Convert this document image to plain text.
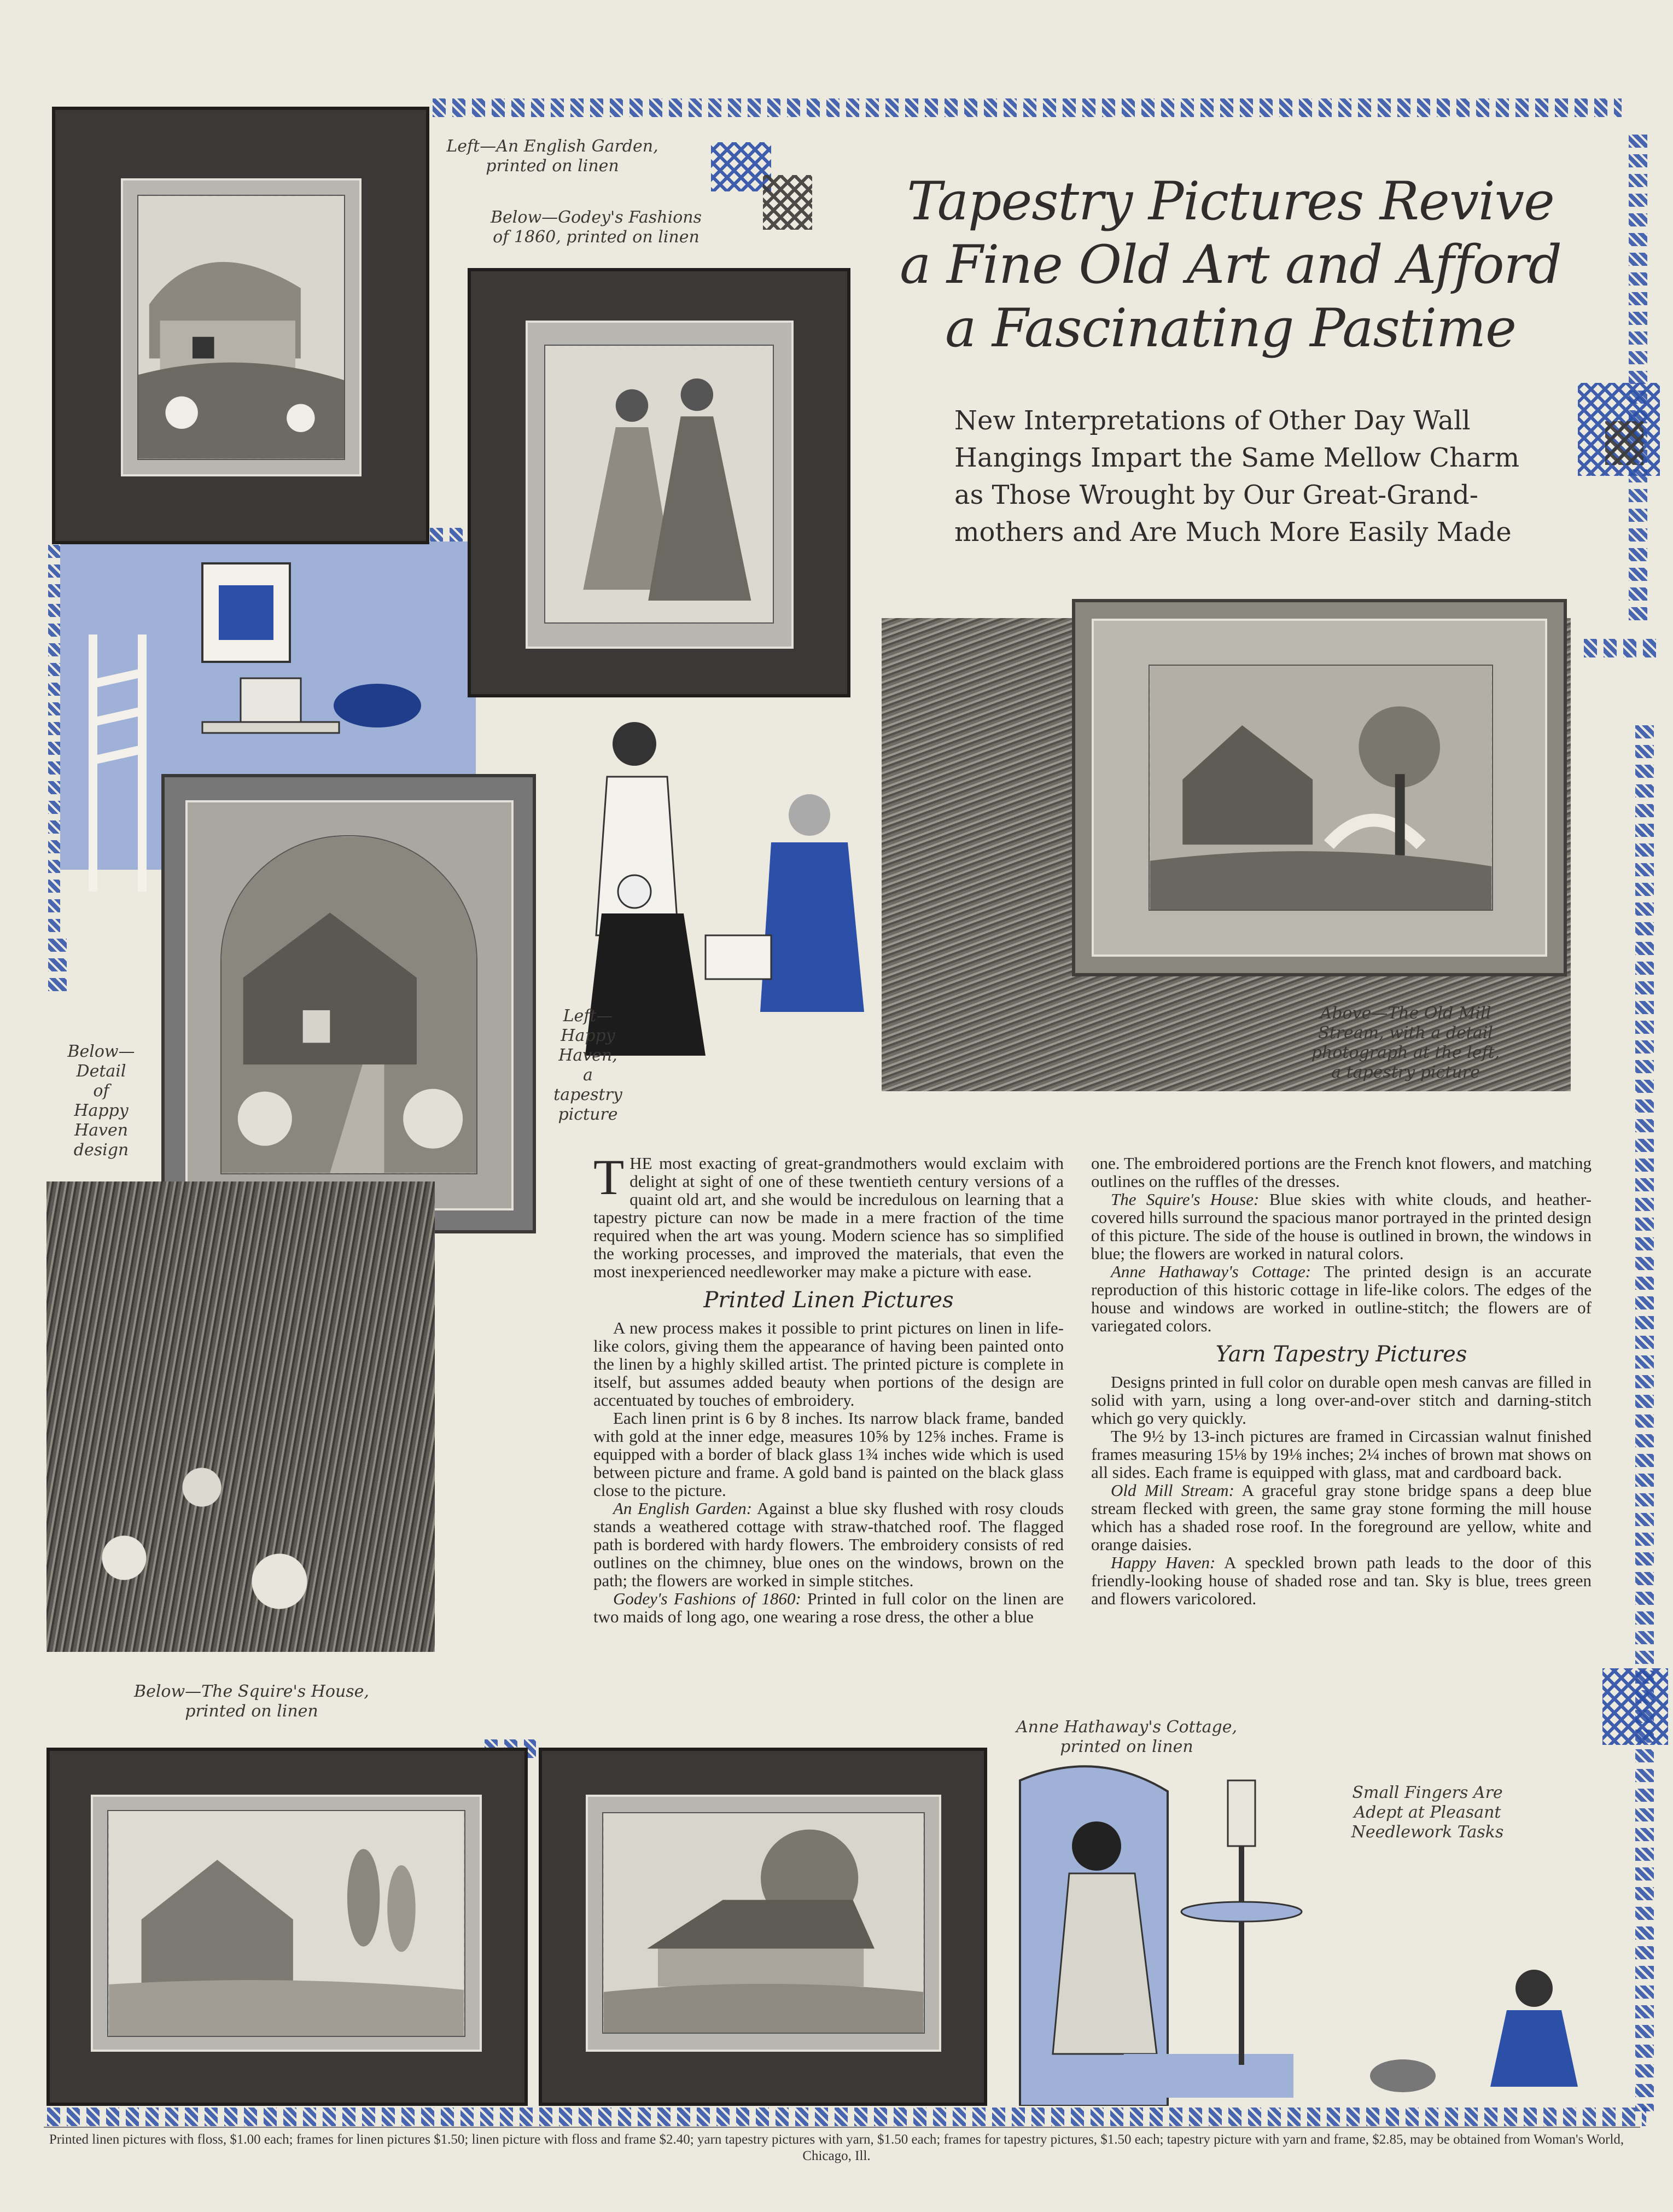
Left—An English Garden,
printed on linen
Below—Godey's Fashions
of 1860, printed on linen
Left—
Happy
Haven,
a
tapestry
picture
Below—
Detail
of
Happy
Haven
design
Above—The Old Mill
Stream, with a detail
photograph at the left,
a tapestry picture
Below—The Squire's House,
printed on linen
Anne Hathaway's Cottage,
printed on linen
Small Fingers Are
Adept at Pleasant
Needlework Tasks
Tapestry Pictures Revive
a Fine Old Art and Afford
a Fascinating Pastime
New Interpretations of Other Day Wall
Hangings Impart the Same Mellow Charm
as Those Wrought by Our Great-Grand-
mothers and Are Much More Easily Made

THE most exacting of great-grandmothers would exclaim with delight at sight of one of these twentieth century versions of a quaint old art, and she would be incredulous on learning that a tapestry picture can now be made in a mere fraction of the time required when the art was young. Modern science has so simplified the working processes, and improved the materials, that even the most inexperienced needleworker may make a picture with ease.

Printed Linen Pictures

A new process makes it possible to print pictures on linen in life-like colors, giving them the appearance of having been painted onto the linen by a highly skilled artist. The printed picture is complete in itself, but assumes added beauty when portions of the design are accentuated by touches of embroidery.

Each linen print is 6 by 8 inches. Its narrow black frame, banded with gold at the inner edge, measures 10⅝ by 12⅝ inches. Frame is equipped with a border of black glass 1¾ inches wide which is used between picture and frame. A gold band is painted on the black glass close to the picture.

An English Garden: Against a blue sky flushed with rosy clouds stands a weathered cottage with straw-thatched roof. The flagged path is bordered with hardy flowers. The embroidery consists of red outlines on the chimney, blue ones on the windows, brown on the path; the flowers are worked in simple stitches.

Godey's Fashions of 1860: Printed in full color on the linen are two maids of long ago, one wearing a rose dress, the other a blue

one. The embroidered portions are the French knot flowers, and matching outlines on the ruffles of the dresses.

The Squire's House: Blue skies with white clouds, and heather-covered hills surround the spacious manor portrayed in the printed design of this picture. The side of the house is outlined in brown, the windows in blue; the flowers are worked in natural colors.

Anne Hathaway's Cottage: The printed design is an accurate reproduction of this historic cottage in life-like colors. The edges of the house and windows are worked in outline-stitch; the flowers are of variegated colors.

Yarn Tapestry Pictures

Designs printed in full color on durable open mesh canvas are filled in solid with yarn, using a long over-and-over stitch and darning-stitch which go very quickly.

The 9½ by 13-inch pictures are framed in Circassian walnut finished frames measuring 15⅛ by 19⅛ inches; 2¼ inches of brown mat shows on all sides. Each frame is equipped with glass, mat and cardboard back.

Old Mill Stream: A graceful gray stone bridge spans a deep blue stream flecked with green, the same gray stone forming the mill house which has a shaded rose roof. In the foreground are yellow, white and orange daisies.

Happy Haven: A speckled brown path leads to the door of this friendly-looking house of shaded rose and tan. Sky is blue, trees green and flowers varicolored.

Printed linen pictures with floss, $1.00 each; frames for linen pictures $1.50; linen picture with floss and frame $2.40; yarn tapestry pictures with yarn, $1.50 each; frames for tapestry pictures, $1.50 each; tapestry picture with yarn and frame, $2.85, may be obtained from Woman's World, Chicago, Ill.
